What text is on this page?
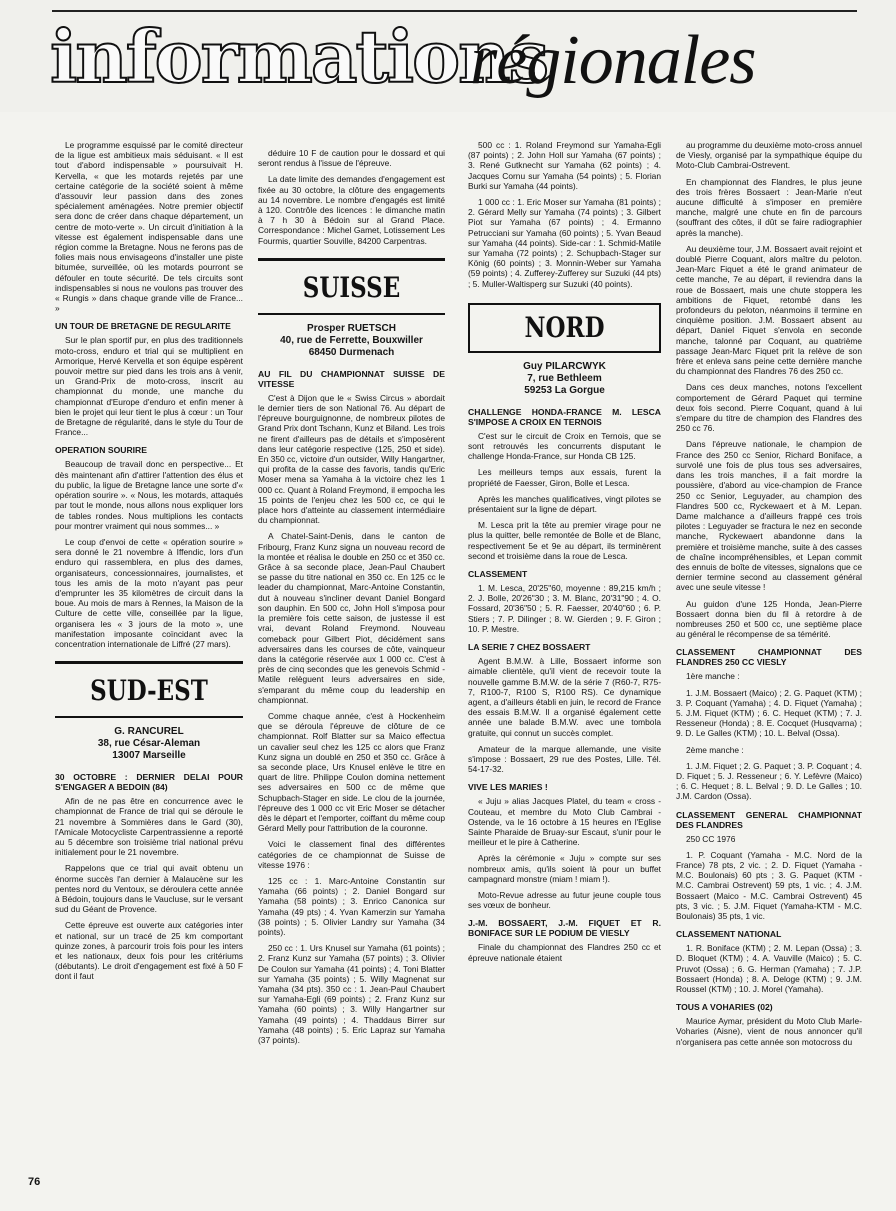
informations
régionales

Le programme esquissé par le comité directeur de la ligue est ambitieux mais séduisant. « Il est tout d'abord indispensable » poursuivait H. Kervella, « que les motards rejetés par une certaine catégorie de la société soient à même d'assouvir leur passion dans des zones spécialement aménagées. Notre premier objectif sera donc de créer dans chaque département, un centre de moto-verte ». Un circuit d'initiation à la vitesse est également indispensable dans une région comme la Bretagne. Nous ne ferons pas de folies mais nous envisageons d'installer une piste bitumée, surveillée, où les motards pourront se défouler en toute sécurité. De tels circuits sont indispensables si nous ne voulons pas trouver des « Rungis » dans chaque grande ville de France... »

UN TOUR DE BRETAGNE DE REGULARITE

Sur le plan sportif pur, en plus des traditionnels moto-cross, enduro et trial qui se multiplient en Armorique, Hervé Kervella et son équipe espèrent pouvoir mettre sur pied dans les trois ans à venir, un Grand-Prix de moto-cross, inscrit au championnat du monde, une manche du championnat d'Europe d'enduro et enfin mener à bien le projet qui leur tient le plus à cœur : un Tour de Bretagne de régularité, dans le style du Tour de France...

OPERATION SOURIRE

Beaucoup de travail donc en perspective... Et dès maintenant afin d'attirer l'attention des élus et du public, la ligue de Bretagne lance une sorte d'« opération sourire ». « Nous, les motards, attaqués par tout le monde, nous allons nous expliquer lors de tables rondes. Nous multiplions les contacts pour montrer vraiment qui nous sommes... »

Le coup d'envoi de cette « opération sourire » sera donné le 21 novembre à Iffendic, lors d'un enduro qui rassemblera, en plus des dames, organisateurs, concessionnaires, journalistes, et tous les amis de la moto n'ayant pas peur d'emprunter les 35 kilomètres de circuit dans la boue. Au mois de mars à Rennes, la Maison de la Culture de cette ville, conseillée par la ligue, organisera les « 3 jours de la moto », une manifestation imposante coïncidant avec la concentration internationale de Liffré (27 mars).

SUD-EST
G. RANCUREL
38, rue César-Aleman
13007 Marseille
30 OCTOBRE : DERNIER DELAI POUR S'ENGAGER A BEDOIN (84)

Afin de ne pas être en concurrence avec le championnat de France de trial qui se déroule le 21 novembre à Sommières dans le Gard (30), l'Amicale Motocycliste Carpentrassienne a reporté au 5 décembre son troisième trial national prévu initialement pour le 21 novembre.

Rappelons que ce trial qui avait obtenu un énorme succès l'an dernier à Malaucène sur les pentes nord du Ventoux, se déroulera cette année à Bédoin, toujours dans le Vaucluse, sur le versant sud du Géant de Provence.

Cette épreuve est ouverte aux catégories inter et national, sur un tracé de 25 km comportant quinze zones, à parcourir trois fois pour les inters et les nationaux, deux fois pour les critériums (débutants). Le droit d'engagement est fixé à 50 F dont il faut

déduire 10 F de caution pour le dossard et qui seront rendus à l'issue de l'épreuve.

La date limite des demandes d'engagement est fixée au 30 octobre, la clôture des engagements au 14 novembre. Le nombre d'engagés est limité à 120. Contrôle des licences : le dimanche matin à 7 h 30 à Bédoin sur al Grand Place. Correspondance : Michel Gamet, Lotissement Les Fourmis, quartier Souville, 84200 Carpentras.

SUISSE
Prosper RUETSCH
40, rue de Ferrette, Bouxwiller
68450 Durmenach
AU FIL DU CHAMPIONNAT SUISSE DE VITESSE

C'est à Dijon que le « Swiss Circus » abordait le dernier tiers de son National 76. Au départ de l'épreuve bourguignonne, de nombreux pilotes de Grand Prix dont Tschann, Kunz et Biland. Les trois ne firent d'ailleurs pas de détails et s'imposèrent dans leur catégorie respective (125, 250 et side). En 350 cc, victoire d'un outsider, Willy Hangartner, qui profita de la casse des favoris, tandis qu'Eric Moser mena sa Yamaha à la victoire chez les 1 000 cc. Quant à Roland Freymond, il empocha les 15 points de l'enjeu chez les 500 cc, ce qui le place hors d'atteinte au classement intermédiaire du championnat.

A Chatel-Saint-Denis, dans le canton de Fribourg, Franz Kunz signa un nouveau record de la montée et réalisa le double en 250 cc et 350 cc. Grâce à sa seconde place, Jean-Paul Chaubert se passe du titre national en 350 cc. En 125 cc le leader du championnat, Marc-Antoine Constantin, dut à nouveau s'incliner devant Daniel Bongard son dauphin. En 500 cc, John Holl s'imposa pour la première fois cette saison, de justesse il est vrai, devant Roland Freymond. Nouveau comeback pour Gilbert Piot, décidément sans adversaires dans les courses de côte, vainqueur dans la catégorie réservée aux 1 000 cc. C'est à près de cinq secondes que les genevois Schmid - Matile relèguent leurs adversaires en side, s'emparant du même coup du leadership en championnat.

Comme chaque année, c'est à Hockenheim que se déroula l'épreuve de clôture de ce championnat. Rolf Blatter sur sa Maico effectua un cavalier seul chez les 125 cc alors que Franz Kunz signa un doublé en 250 et 350 cc. Grâce à sa seconde place, Urs Knusel enlève le titre en quart de litre. Philippe Coulon domina nettement ses adversaires en 500 cc de même que Schupbach-Stager en side. Le clou de la journée, l'épreuve des 1 000 cc vit Eric Moser se détacher dès le départ et l'emporter, coiffant du même coup Gérard Melly pour l'attribution de la couronne.

Voici le classement final des différentes catégories de ce championnat de Suisse de vitesse 1976 :

125 cc : 1. Marc-Antoine Constantin sur Yamaha (66 points) ; 2. Daniel Bongard sur Yamaha (58 points) ; 3. Enrico Canonica sur Yamaha (49 pts) ; 4. Yvan Kamerzin sur Yamaha (38 points) ; 5. Olivier Landry sur Yamaha (34 points).

250 cc : 1. Urs Knusel sur Yamaha (61 points) ; 2. Franz Kunz sur Yamaha (57 points) ; 3. Olivier De Coulon sur Yamaha (41 points) ; 4. Toni Blatter sur Yamaha (35 points) ; 5. Willy Magnenat sur Yamaha (34 pts). 350 cc : 1. Jean-Paul Chaubert sur Yamaha-Egli (69 points) ; 2. Franz Kunz sur Yamaha (60 points) ; 3. Willy Hangartner sur Yamaha (49 points) ; 4. Thaddaus Birrer sur Yamaha (48 points) ; 5. Eric Lapraz sur Yamaha (37 points).

500 cc : 1. Roland Freymond sur Yamaha-Egli (87 points) ; 2. John Holl sur Yamaha (67 points) ; 3. René Gutknecht sur Yamaha (62 points) ; 4. Jacques Cornu sur Yamaha (54 points) ; 5. Florian Burki sur Yamaha (44 points).

1 000 cc : 1. Eric Moser sur Yamaha (81 points) ; 2. Gérard Melly sur Yamaha (74 points) ; 3. Gilbert Piot sur Yamaha (67 points) ; 4. Ermanno Petrucciani sur Yamaha (60 points) ; 5. Yvan Beaud sur Yamaha (44 points). Side-car : 1. Schmid-Matile sur Yamaha (72 points) ; 2. Schupbach-Stager sur König (60 points) ; 3. Monnin-Weber sur Yamaha (59 points) ; 4. Zufferey-Zufferey sur Suzuki (44 pts) ; 5. Muller-Waltisperg sur Suzuki (40 points).

NORD
Guy PILARCWYK
7, rue Bethleem
59253 La Gorgue
CHALLENGE HONDA-FRANCE M. LESCA S'IMPOSE A CROIX EN TERNOIS

C'est sur le circuit de Croix en Ternois, que se sont retrouvés les concurrents disputant le challenge Honda-France, sur Honda CB 125.

Les meilleurs temps aux essais, furent la propriété de Faesser, Giron, Bolle et Lesca.

Après les manches qualificatives, vingt pilotes se présentaient sur la ligne de départ.

M. Lesca prit la tête au premier virage pour ne plus la quitter, belle remontée de Bolle et de Blanc, respectivement 5e et 9e au départ, ils terminèrent second et troisième dans la roue de Lesca.

CLASSEMENT

1. M. Lesca, 20'25"60, moyenne : 89,215 km/h ; 2. J. Bolle, 20'26"30 ; 3. M. Blanc, 20'31"90 ; 4. O. Fossard, 20'36"50 ; 5. R. Faesser, 20'40"60 ; 6. P. Stiers ; 7. P. Dilinger ; 8. W. Gierden ; 9. F. Giron ; 10. P. Mestre.

LA SERIE 7 CHEZ BOSSAERT

Agent B.M.W. à Lille, Bossaert informe son aimable clientèle, qu'il vient de recevoir toute la nouvelle gamme B.M.W. de la série 7 (R60-7, R75-7, R100-7, R100 S, R100 RS). Ce dynamique agent, a d'ailleurs établi en juin, le record de France des essais B.M.W. Il a organisé également cette année une balade B.M.W. avec une tombola gratuite, qui connut un succès complet.

Amateur de la marque allemande, une visite s'impose : Bossaert, 29 rue des Postes, Lille. Tél. 54-17-32.

VIVE LES MARIES !

« Juju » alias Jacques Platel, du team « cross - Couteau, et membre du Moto Club Cambrai - Ostende, va le 16 octobre à 15 heures en l'Eglise Sainte Pharaide de Bruay-sur Escaut, s'unir pour le meilleur et le pire à Catherine.

Après la cérémonie « Juju » compte sur ses nombreux amis, qu'ils soient là pour un buffet campagnard monstre (miam ! miam !).

Moto-Revue adresse au futur jeune couple tous ses vœux de bonheur.

J.-M. BOSSAERT, J.-M. FIQUET ET R. BONIFACE SUR LE PODIUM DE VIESLY

Finale du championnat des Flandres 250 cc et épreuve nationale étaient

au programme du deuxième moto-cross annuel de Viesly, organisé par la sympathique équipe du Moto-Club Cambrai-Ostrevent.

En championnat des Flandres, le plus jeune des trois frères Bossaert : Jean-Marie n'eut aucune difficulté à s'imposer en première manche, malgré une chute en fin de parcours (souffrant des côtes, il dût se faire radiographier après la manche).

Au deuxième tour, J.M. Bossaert avait rejoint et doublé Pierre Coquant, alors maître du peloton. Jean-Marc Fiquet a été le grand animateur de cette manche, 7e au départ, il reviendra dans la roue de Bossaert, mais une chute stoppera les ambitions de Fiquet, retombé dans les profondeurs du peloton, néanmoins il termine en cinquième position. J.M. Bossaert absent au départ, Daniel Fiquet s'envola en seconde manche, talonné par Coquant, au quatrième passage Jean-Marc Fiquet prit la relève de son frère et enleva sans peine cette dernière manche du championnat des Flandres 76 des 250 cc.

Dans ces deux manches, notons l'excellent comportement de Gérard Paquet qui termine deux fois second. Pierre Coquant, quand à lui s'empare du titre de champion des Flandres des 250 cc 76.

Dans l'épreuve nationale, le champion de France des 250 cc Senior, Richard Boniface, a survolé une fois de plus tous ses adversaires, dans les trois manches, il a fait mordre la poussière, d'abord au vice-champion de France 250 cc Senior, Leguyader, au champion des Flandres 500 cc, Ryckewaert et à M. Lepan. Dame malchance a d'ailleurs frappé ces trois pilotes : Leguyader se fractura le nez en seconde manche, Ryckewaert abandonne dans la première et troisième manche, suite à des casses de chaîne incompréhensibles, et Lepan commit des ennuis de boîte de vitesses, signalons que ce dernier termine second au classement général avec une seule vitesse !

Au guidon d'une 125 Honda, Jean-Pierre Bossaert donna bien du fil à retordre à de nombreuses 250 et 500 cc, une septième place au général le récompense de sa témérité.

CLASSEMENT CHAMPIONNAT DES FLANDRES 250 CC VIESLY

1ère manche :

1. J.M. Bossaert (Maico) ; 2. G. Paquet (KTM) ; 3. P. Coquant (Yamaha) ; 4. D. Fiquet (Yamaha) ; 5. J.M. Fiquet (KTM) ; 6. C. Hequet (KTM) ; 7. J. Resseneur (Honda) ; 8. E. Cocquet (Husqvarna) ; 9. D. Le Galles (KTM) ; 10. L. Belval (Ossa).

2ème manche :

1. J.M. Fiquet ; 2. G. Paquet ; 3. P. Coquant ; 4. D. Fiquet ; 5. J. Resseneur ; 6. Y. Lefèvre (Maico) ; 6. C. Hequet ; 8. L. Belval ; 9. D. Le Galles ; 10. J.M. Cardon (Ossa).

CLASSEMENT GENERAL CHAMPIONNAT DES FLANDRES

250 CC 1976

1. P. Coquant (Yamaha - M.C. Nord de la France) 78 pts, 2 vic. ; 2. D. Fiquet (Yamaha - M.C. Boulonais) 60 pts ; 3. G. Paquet (KTM - M.C. Cambrai Ostrevent) 59 pts, 1 vic. ; 4. J.M. Bossaert (Maico - M.C. Cambrai Ostrevent) 45 pts, 3 vic. ; 5. J.M. Fiquet (Yamaha-KTM - M.C. Boulonais) 35 pts, 1 vic.

CLASSEMENT NATIONAL

1. R. Boniface (KTM) ; 2. M. Lepan (Ossa) ; 3. D. Bloquet (KTM) ; 4. A. Vauville (Maico) ; 5. C. Pruvot (Ossa) ; 6. G. Herman (Yamaha) ; 7. J.P. Bossaert (Honda) ; 8. A. Deloge (KTM) ; 9. J.M. Roussel (KTM) ; 10. J. Morel (Yamaha).

TOUS A VOHARIES (02)

Maurice Aymar, président du Moto Club Marle-Voharies (Aisne), vient de nous annoncer qu'il n'organisera pas cette année son motocross du

76
